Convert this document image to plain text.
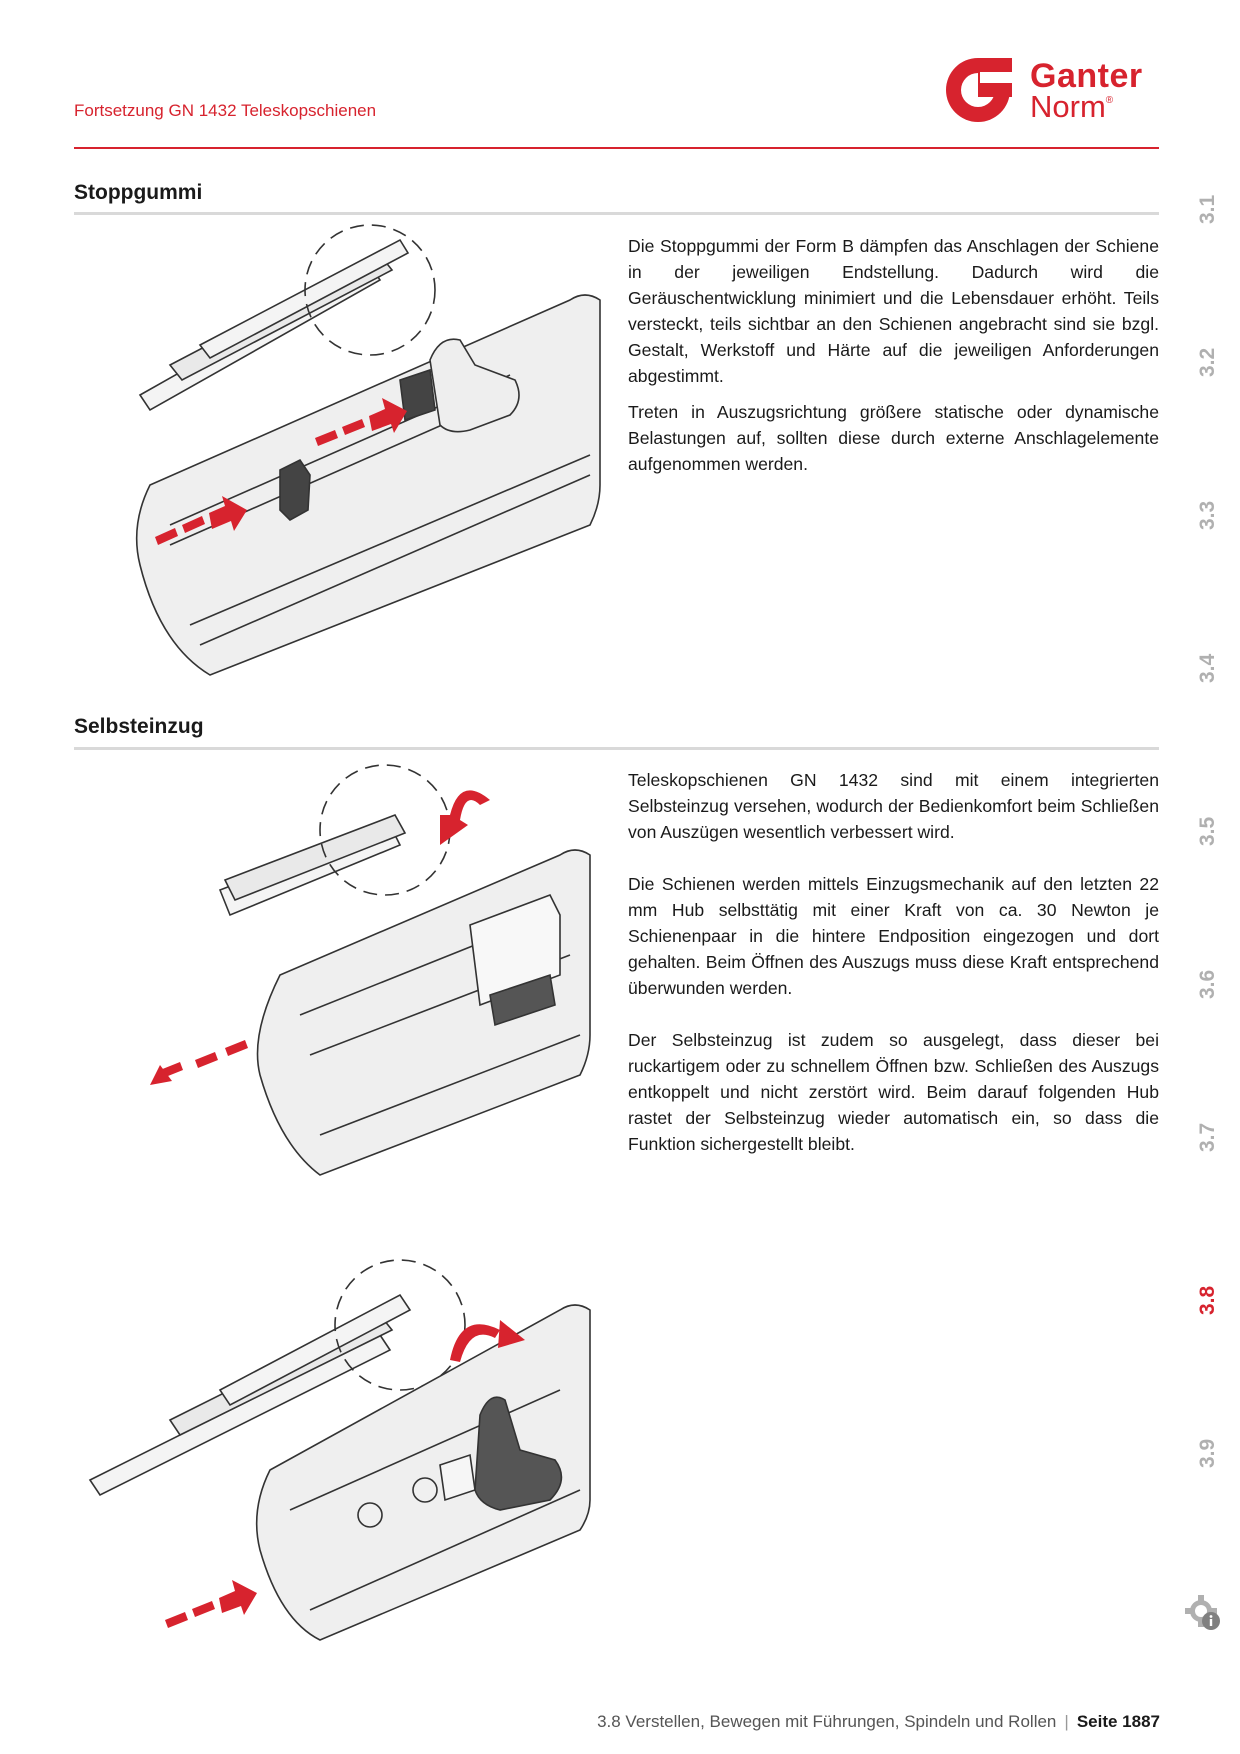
Fortsetzung GN 1432 Teleskopschienen
Ganter
Norm®
Stoppgummi

Die Stoppgummi der Form B dämpfen das Anschlagen der Schiene in der jeweiligen Endstellung. Dadurch wird die Geräuschentwicklung minimiert und die Lebensdauer erhöht. Teils versteckt, teils sichtbar an den Schienen angebracht sind sie bzgl. Gestalt, Werkstoff und Härte auf die jeweiligen Anforderungen abgestimmt.

Treten in Auszugsrichtung größere statische oder dynamische Belastungen auf, sollten diese durch externe Anschlagelemente aufgenommen werden.

Selbsteinzug

Teleskopschienen GN 1432 sind mit einem integrierten Selbsteinzug versehen, wodurch der Bedienkomfort beim Schließen von Auszügen wesentlich verbessert wird.

Die Schienen werden mittels Einzugsmechanik auf den letzten 22 mm Hub selbsttätig mit einer Kraft von ca. 30 Newton je Schienenpaar in die hintere Endposition eingezogen und dort gehalten. Beim Öffnen des Auszugs muss diese Kraft entsprechend überwunden werden.

Der Selbsteinzug ist zudem so ausgelegt, dass dieser bei ruckartigem oder zu schnellem Öffnen bzw. Schließen des Auszugs entkoppelt und nicht zerstört wird. Beim darauf folgenden Hub rastet der Selbsteinzug wieder automatisch ein, so dass die Funktion sichergestellt bleibt.

3.1
3.2
3.3
3.4
3.5
3.6
3.7
3.8
3.9
3.8 Verstellen, Bewegen mit Führungen, Spindeln und Rollen | Seite 1887
